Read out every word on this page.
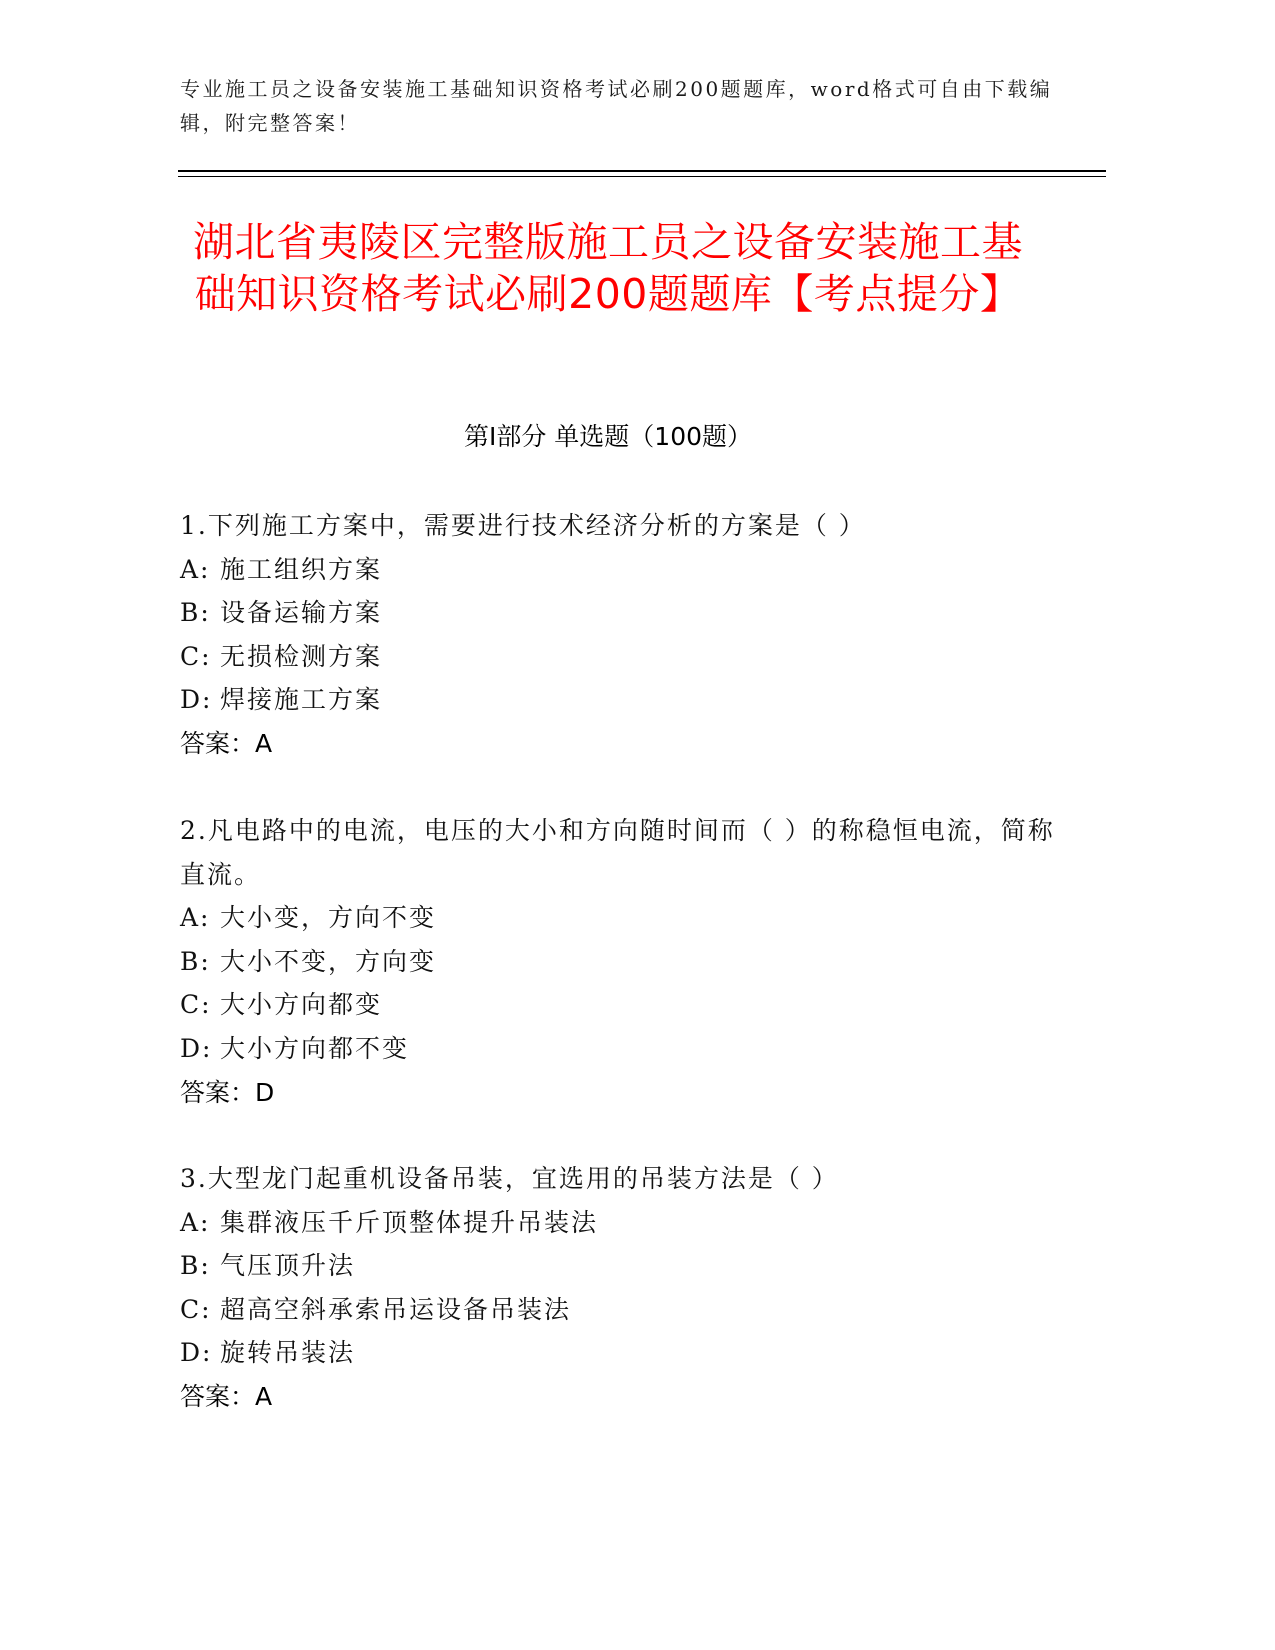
专业施工员之设备安装施工基础知识资格考试必刷200题题库，word格式可自由下载编辑，附完整答案！
湖北省夷陵区完整版施工员之设备安装施工基础知识资格考试必刷200题题库【考点提分】
第Ⅰ部分 单选题（100题）

1.下列施工方案中，需要进行技术经济分析的方案是（ ）

A: 施工组织方案

B: 设备运输方案

C: 无损检测方案

D: 焊接施工方案

答案：A

2.凡电路中的电流，电压的大小和方向随时间而（ ）的称稳恒电流，简称直流。

A: 大小变，方向不变

B: 大小不变，方向变

C: 大小方向都变

D: 大小方向都不变

答案：D

3.大型龙门起重机设备吊装，宜选用的吊装方法是（ ）

A: 集群液压千斤顶整体提升吊装法

B: 气压顶升法

C: 超高空斜承索吊运设备吊装法

D: 旋转吊装法

答案：A
